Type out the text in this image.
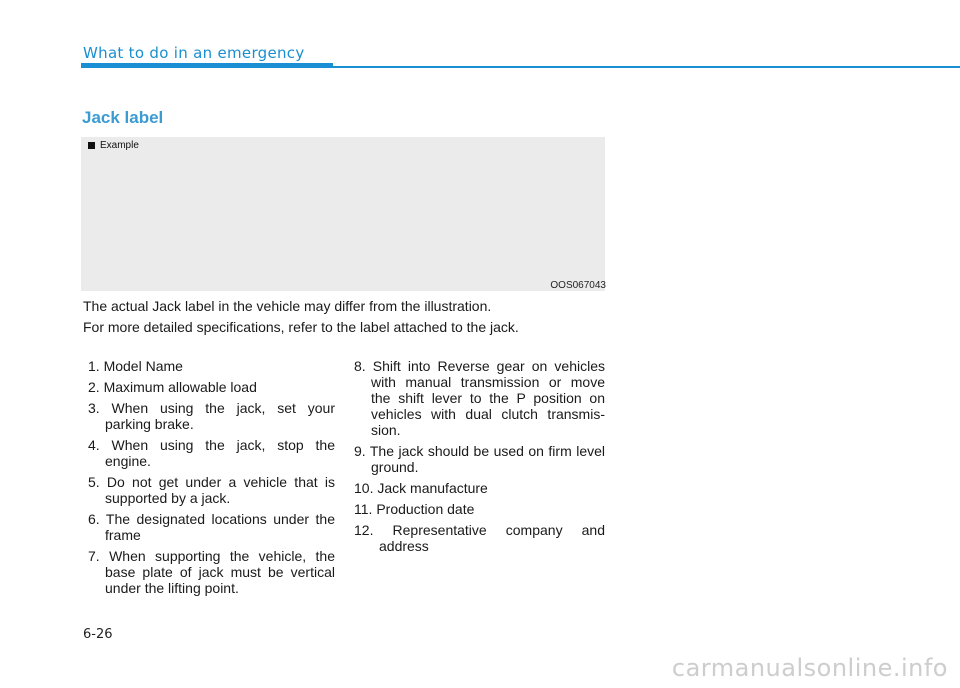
What to do in an emergency
Jack label
Example
OOS067043
The actual Jack label in the vehicle may differ from the illustration.
For more detailed specifications, refer to the label attached to the jack.
1. Model Name
2. Maximum allowable load
3. When using the jack, set your parking brake.
4. When using the jack, stop the engine.
5. Do not get under a vehicle that is supported by a jack.
6. The designated locations under the frame
7. When supporting the vehicle, the base plate of jack must be vertical under the lifting point.
8. Shift into Reverse gear on vehicles with manual transmission or move the shift lever to the P position on vehicles with dual clutch transmis-sion.
9. The jack should be used on firm level ground.
10. Jack manufacture
11. Production date
12. Representative company and address
6-26
carmanualsonline.info
